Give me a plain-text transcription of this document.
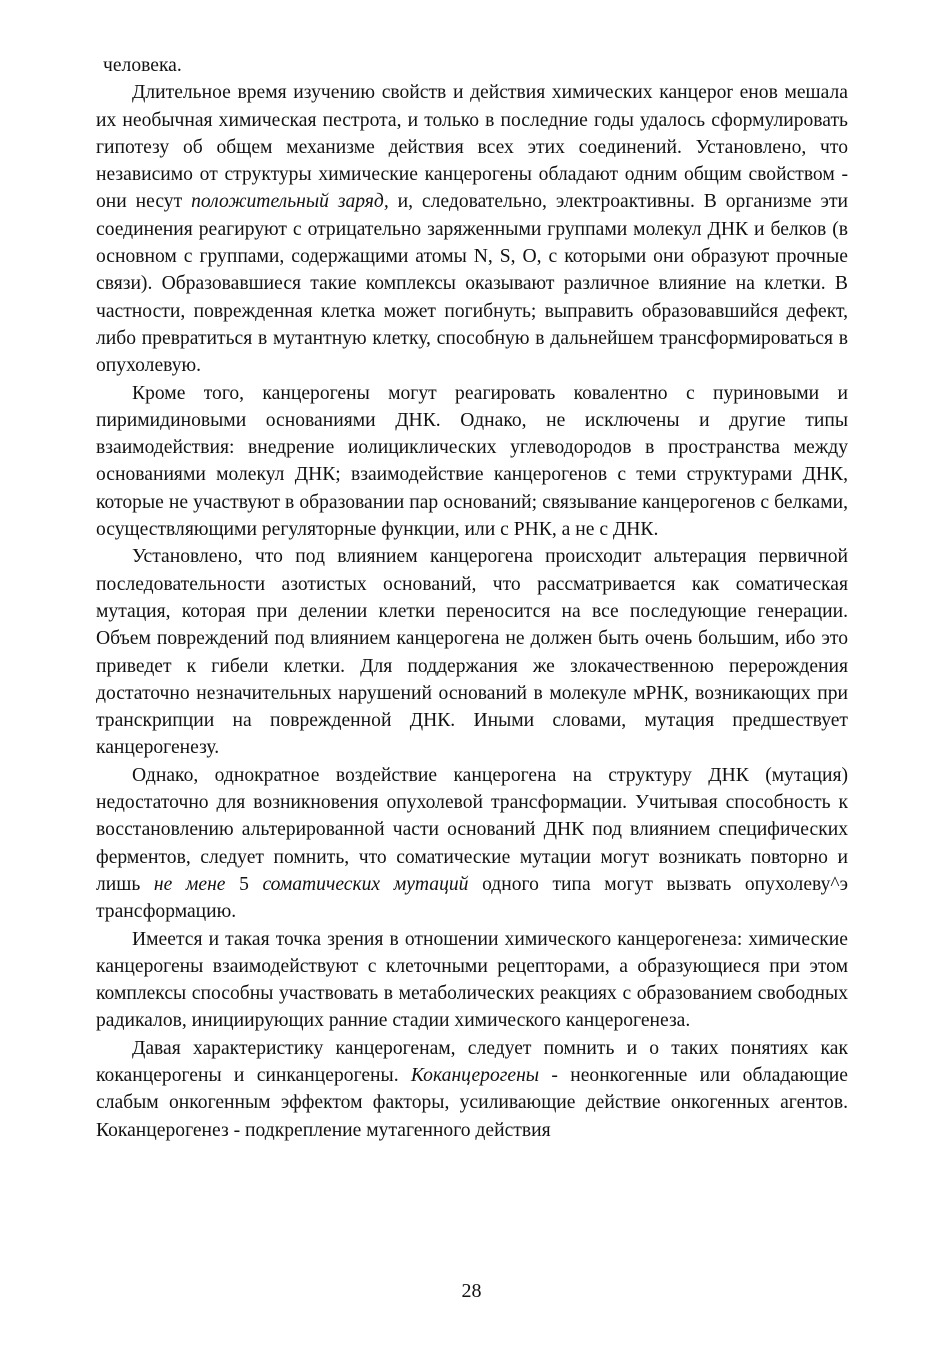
человека.

Длительное время изучению свойств и действия химических канцероr енов мешала их необычная химическая пестрота, и только в последние годы удалось сформулировать гипотезу об общем механизме действия всех этих соединений. Установлено, что независимо от структуры химические канцерогены обладают одним общим свойством - они несут положительный заряд, и, следовательно, электроактивны. В организме эти соединения реагируют с отрицательно заряженными группами молекул ДНК и белков (в основном с группами, содержащими атомы N, S, O, с которыми они образуют прочные связи). Образовавшиеся такие комплексы оказывают различное влияние на клетки. В частности, поврежденная клетка может погибнуть; выправить образовавшийся дефект, либо превратиться в мутантную клетку, способную в дальнейшем трансформироваться в опухолевую.

Кроме того, канцерогены могут реагировать ковалентно с пуриновыми и пиримидиновыми основаниями ДНК. Однако, не исключены и другие типы взаимодействия: внедрение иолициклических углеводородов в пространства между основаниями молекул ДНК; взаимодействие канцерогенов с теми структурами ДНК, которые не участвуют в образовании пар оснований; связывание канцерогенов с белками, осуществляющими регуляторные функции, или с РНК, а не с ДНК.

Установлено, что под влиянием канцерогена происходит альтерация первичной последовательности азотистых оснований, что рассматривается как соматическая мутация, которая при делении клетки переносится на все последующие генерации. Объем повреждений под влиянием канцерогена не должен быть очень большим, ибо это приведет к гибели клетки. Для поддержания же злокачественною перерождения достаточно незначительных нарушений оснований в молекуле мРНК, возникающих при транскрипции на поврежденной ДНК. Иными словами, мутация предшествует канцерогенезу.

Однако, однократное воздействие канцерогена на структуру ДНК (мутация) недостаточно для возникновения опухолевой трансформации. Учитывая способность к восстановлению альтерированной части оснований ДНК под влиянием специфических ферментов, следует помнить, что соматические мутации могут возникать повторно и лишь не мене 5 соматических мутаций одного типа могут вызвать опухолеву^э трансформацию.

Имеется и такая точка зрения в отношении химического канцерогенеза: химические канцерогены взаимодействуют с клеточными рецепторами, а образующиеся при этом комплексы способны участвовать в метаболических реакциях с образованием свободных радикалов, инициирующих ранние стадии химического канцерогенеза.

Давая характеристику канцерогенам, следует помнить и о таких понятиях как коканцерогены и синканцерогены. Коканцерогены - неонкогенные или обладающие слабым онкогенным эффектом факторы, усиливающие действие онкогенных агентов. Коканцерогенез - подкрепление мутагенного действия

28
